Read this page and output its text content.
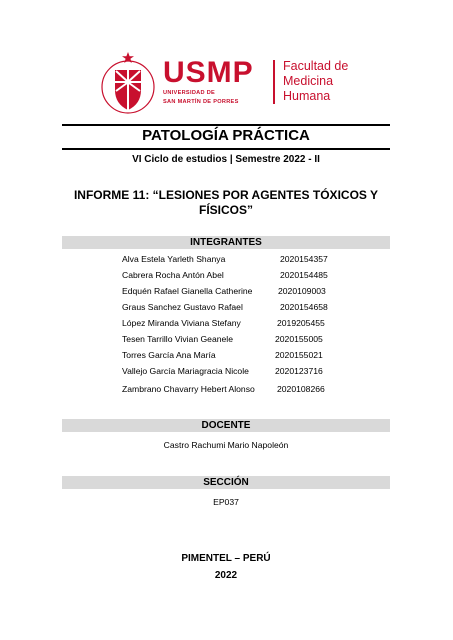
USMP
UNIVERSIDAD DE
SAN MARTÍN DE PORRES
Facultad de
Medicina
Humana
PATOLOGÍA PRÁCTICA
VI Ciclo de estudios | Semestre 2022 - II
INFORME 11: “LESIONES POR AGENTES TÓXICOS Y
FÍSICOS”
INTEGRANTES
Alva Estela Yarleth Shanya	2020154357
Cabrera Rocha Antón Abel	2020154485
Edquén Rafael Gianella Catherine	2020109003
Graus Sanchez Gustavo Rafael	2020154658
López Miranda Viviana Stefany	2019205455
Tesen Tarrillo Vivian Geanele	2020155005
Torres García Ana María	2020155021
Vallejo García Mariagracia Nicole	2020123716
Zambrano Chavarry Hebert Alonso	2020108266
DOCENTE
Castro Rachumi Mario Napoleón
SECCIÓN
EP037
PIMENTEL – PERÚ
2022
